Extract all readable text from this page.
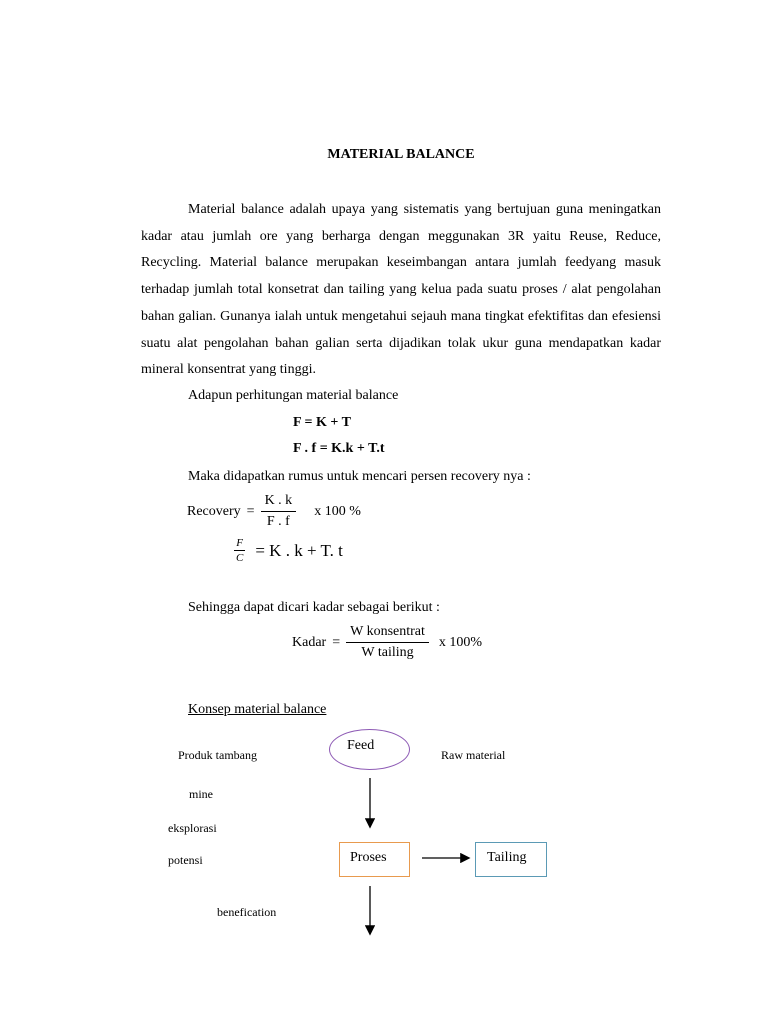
MATERIAL BALANCE

Material balance adalah upaya yang sistematis yang bertujuan guna meningatkan kadar atau jumlah ore yang berharga dengan meggunakan 3R yaitu Reuse, Reduce, Recycling. Material balance merupakan keseimbangan antara jumlah feedyang masuk terhadap jumlah total konsetrat dan tailing yang kelua pada suatu proses / alat pengolahan bahan galian. Gunanya ialah untuk mengetahui sejauh mana tingkat efektifitas dan efesiensi suatu alat pengolahan bahan galian serta dijadikan tolak ukur guna mendapatkan kadar mineral konsentrat yang tinggi.

Adapun perhitungan material balance
F = K + T
F . f = K.k + T.t
Maka didapatkan rumus untuk mencari persen recovery nya :
Recovery = $\frac{K . k}{F . f}$ x 100 %
$\frac{F}{C} = K$ . k + T. t
Sehingga dapat dicari kadar sebagai berikut :
Kadar = $\frac{\text{W konsentrat}}{\text{W tailing}}$ x 100%
Konsep material balance
Feed
Produk tambang	Raw material
mine
eksplorasi
potensi	Proses	Tailing
benefication
